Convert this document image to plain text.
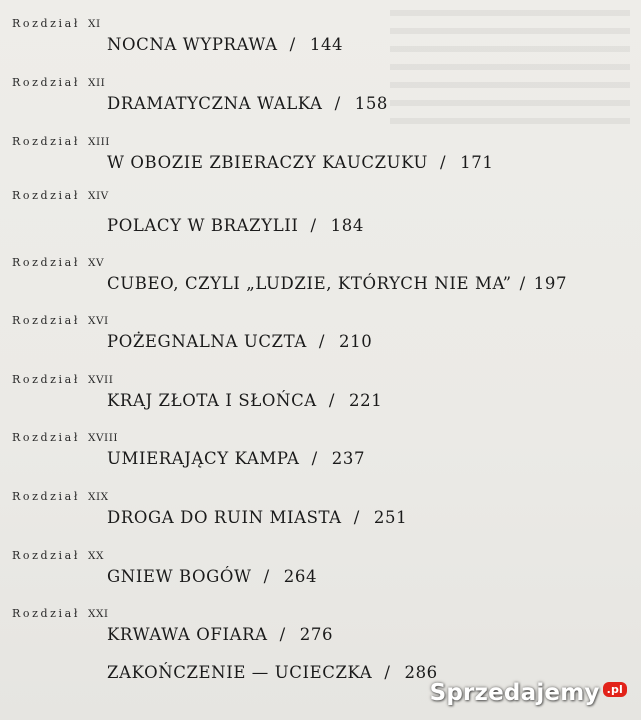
Rozdział XI
NOCNA WYPRAWA / 144
Rozdział XII
DRAMATYCZNA WALKA / 158
Rozdział XIII
W OBOZIE ZBIERACZY KAUCZUKU / 171
Rozdział XIV
POLACY W BRAZYLII / 184
Rozdział XV
CUBEO, CZYLI „LUDZIE, KTÓRYCH NIE MA” / 197
Rozdział XVI
POŻEGNALNA UCZTA / 210
Rozdział XVII
KRAJ ZŁOTA I SŁOŃCA / 221
Rozdział XVIII
UMIERAJĄCY KAMPA / 237
Rozdział XIX
DROGA DO RUIN MIASTA / 251
Rozdział XX
GNIEW BOGÓW / 264
Rozdział XXI
KRWAWA OFIARA / 276
ZAKOŃCZENIE — UCIECZKA / 286
Sprzedajemy .pl
